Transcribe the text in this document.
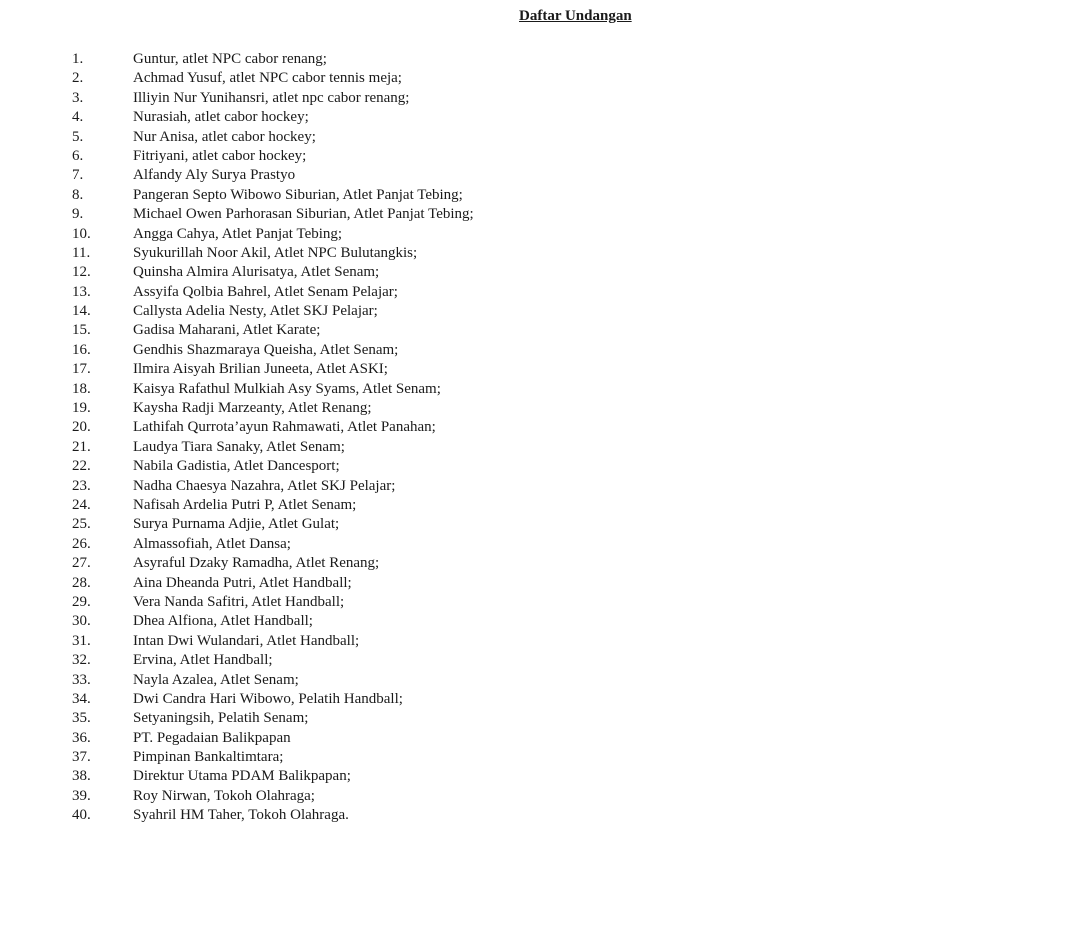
Daftar Undangan
1.	Guntur, atlet NPC cabor renang;
2.	Achmad Yusuf, atlet NPC cabor tennis meja;
3.	Illiyin Nur Yunihansri, atlet npc cabor renang;
4.	Nurasiah, atlet cabor hockey;
5.	Nur Anisa, atlet cabor hockey;
6.	Fitriyani, atlet cabor hockey;
7.	Alfandy Aly Surya Prastyo
8.	Pangeran Septo Wibowo Siburian, Atlet Panjat Tebing;
9.	Michael Owen Parhorasan Siburian, Atlet Panjat Tebing;
10.	Angga Cahya, Atlet Panjat Tebing;
11.	Syukurillah Noor Akil, Atlet NPC Bulutangkis;
12.	Quinsha Almira Alurisatya, Atlet Senam;
13.	Assyifa Qolbia Bahrel, Atlet Senam Pelajar;
14.	Callysta Adelia Nesty, Atlet SKJ Pelajar;
15.	Gadisa Maharani, Atlet Karate;
16.	Gendhis Shazmaraya Queisha, Atlet Senam;
17.	Ilmira Aisyah Brilian Juneeta, Atlet ASKI;
18.	Kaisya Rafathul Mulkiah Asy Syams, Atlet Senam;
19.	Kaysha Radji Marzeanty, Atlet Renang;
20.	Lathifah Qurrota’ayun Rahmawati, Atlet Panahan;
21.	Laudya Tiara Sanaky, Atlet Senam;
22.	Nabila Gadistia, Atlet Dancesport;
23.	Nadha Chaesya Nazahra, Atlet SKJ Pelajar;
24.	Nafisah Ardelia Putri P, Atlet Senam;
25.	Surya Purnama Adjie, Atlet Gulat;
26.	Almassofiah, Atlet Dansa;
27.	Asyraful Dzaky Ramadha, Atlet Renang;
28.	Aina Dheanda Putri, Atlet Handball;
29.	Vera Nanda Safitri, Atlet Handball;
30.	Dhea Alfiona, Atlet Handball;
31.	Intan Dwi Wulandari, Atlet Handball;
32.	Ervina, Atlet Handball;
33.	Nayla Azalea, Atlet Senam;
34.	Dwi Candra Hari Wibowo, Pelatih Handball;
35.	Setyaningsih, Pelatih Senam;
36.	PT. Pegadaian Balikpapan
37.	Pimpinan Bankaltimtara;
38.	Direktur Utama PDAM Balikpapan;
39.	Roy Nirwan, Tokoh Olahraga;
40.	Syahril HM Taher, Tokoh Olahraga.
